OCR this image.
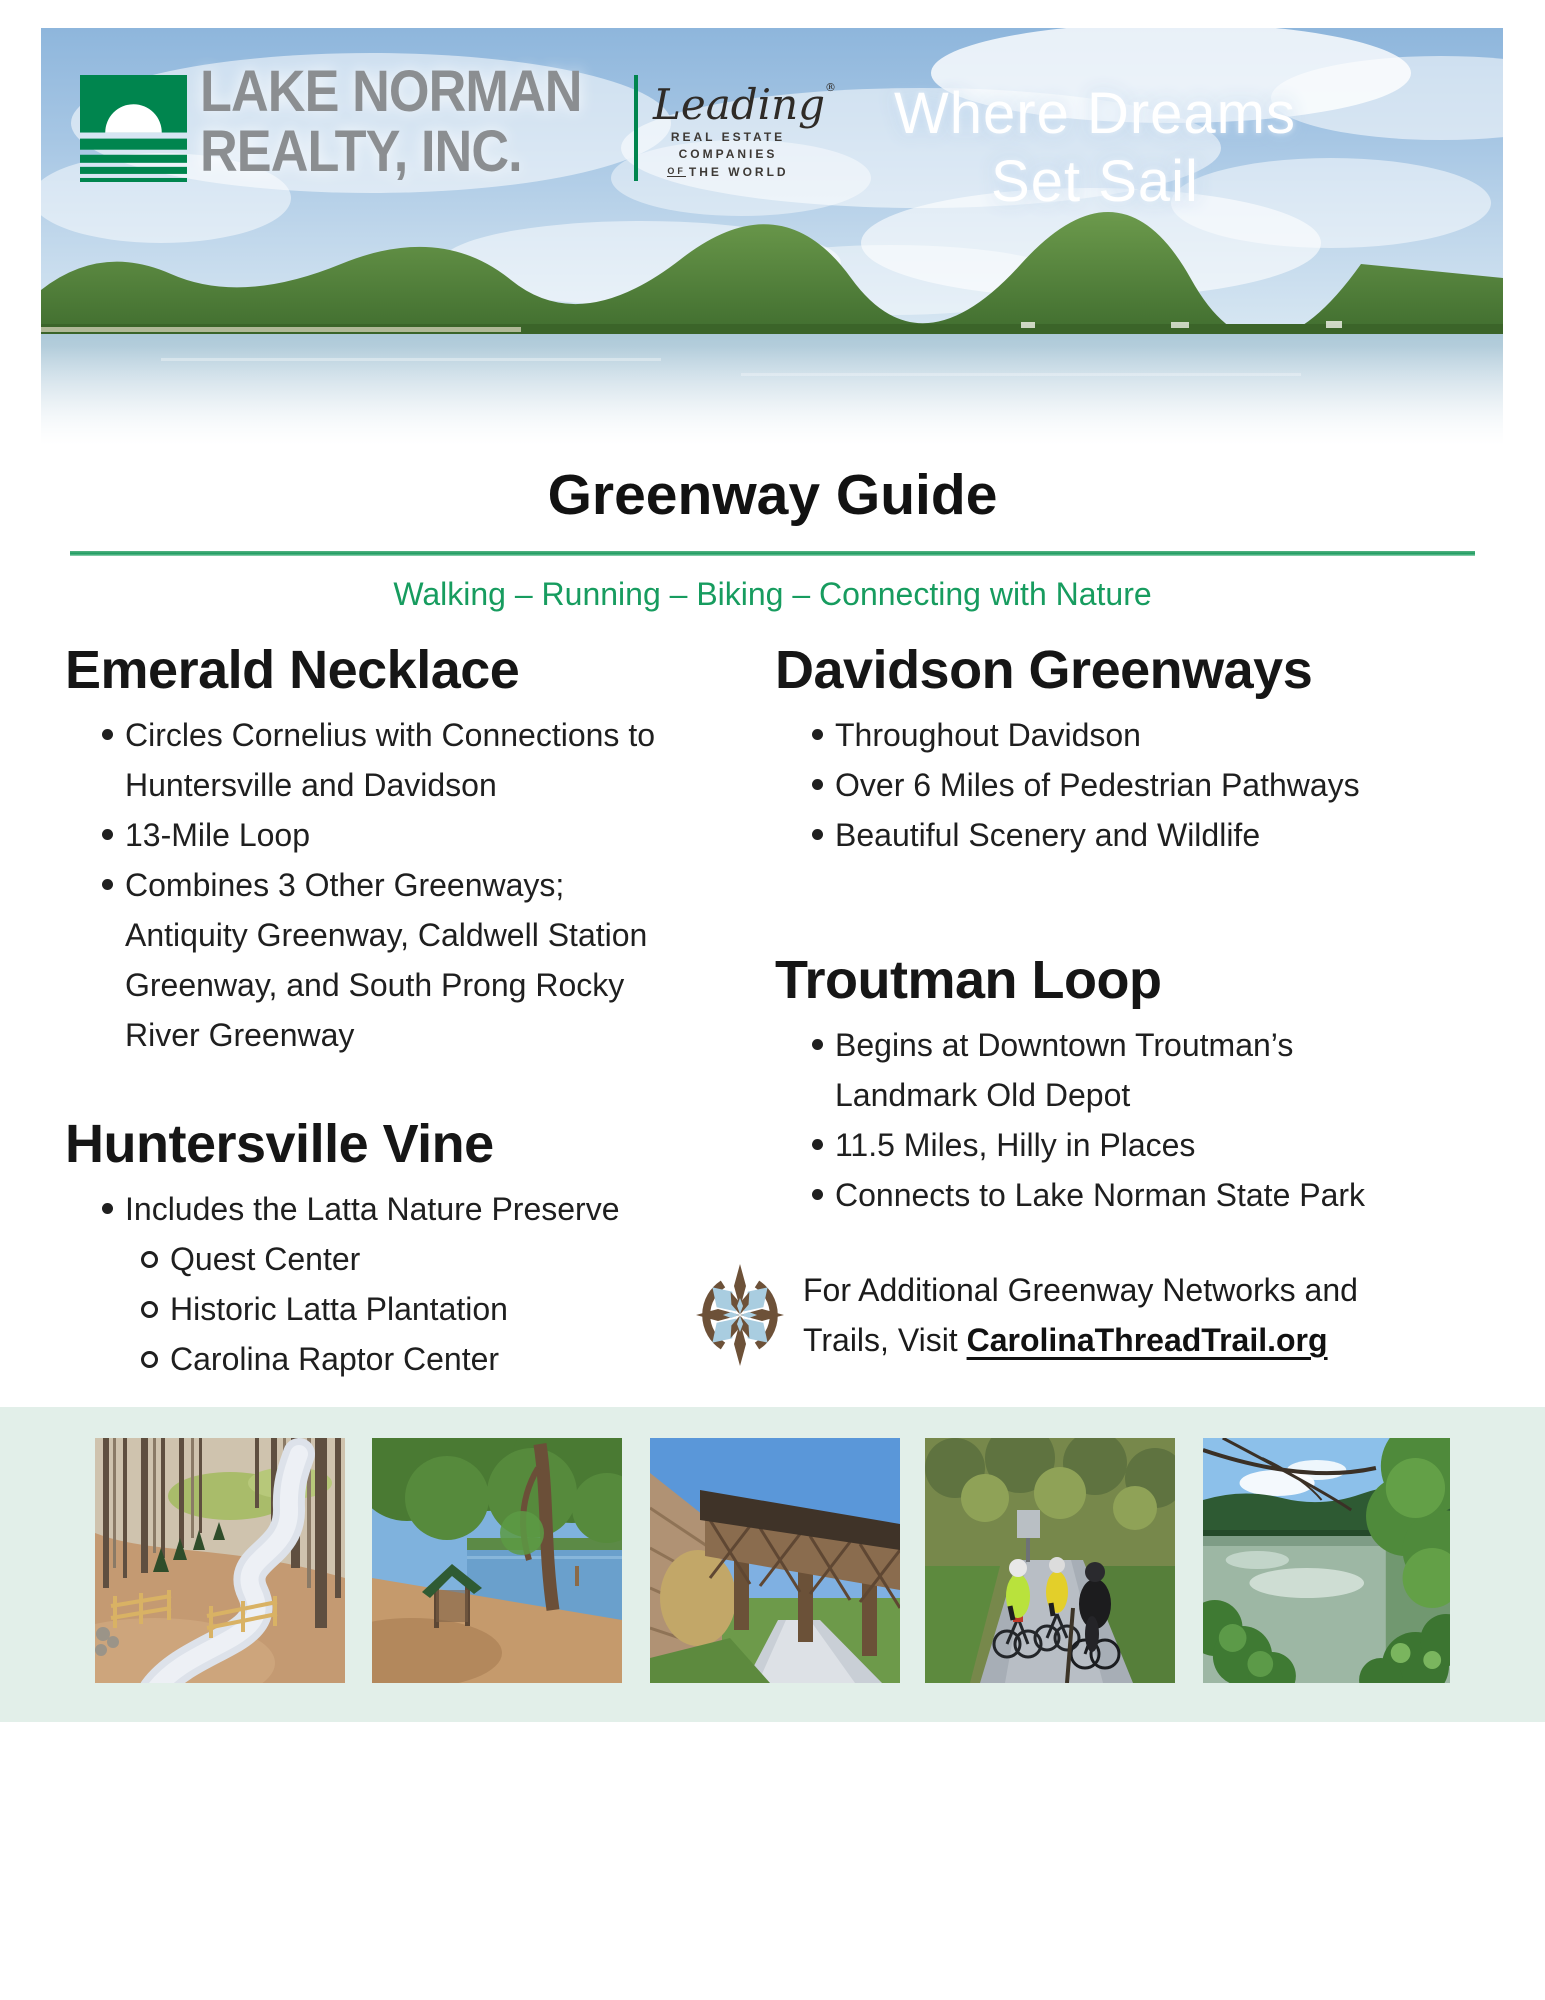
LAKE NORMAN
REALTY, INC.
Leading®
REAL ESTATE
COMPANIES
OF THE WORLD
Where Dreams
Set Sail
Greenway Guide
Walking – Running – Biking – Connecting with Nature
Emerald Necklace
Circles Cornelius with Connections to
Huntersville and Davidson
13-Mile Loop
Combines 3 Other Greenways;
Antiquity Greenway, Caldwell Station
Greenway, and South Prong Rocky
River Greenway
Huntersville Vine
Includes the Latta Nature Preserve
Quest Center
Historic Latta Plantation
Carolina Raptor Center
Davidson Greenways
Throughout Davidson
Over 6 Miles of Pedestrian Pathways
Beautiful Scenery and Wildlife
Troutman Loop
Begins at Downtown Troutman’s
Landmark Old Depot
11.5 Miles, Hilly in Places
Connects to Lake Norman State Park
For Additional Greenway Networks and
Trails, Visit CarolinaThreadTrail.org
